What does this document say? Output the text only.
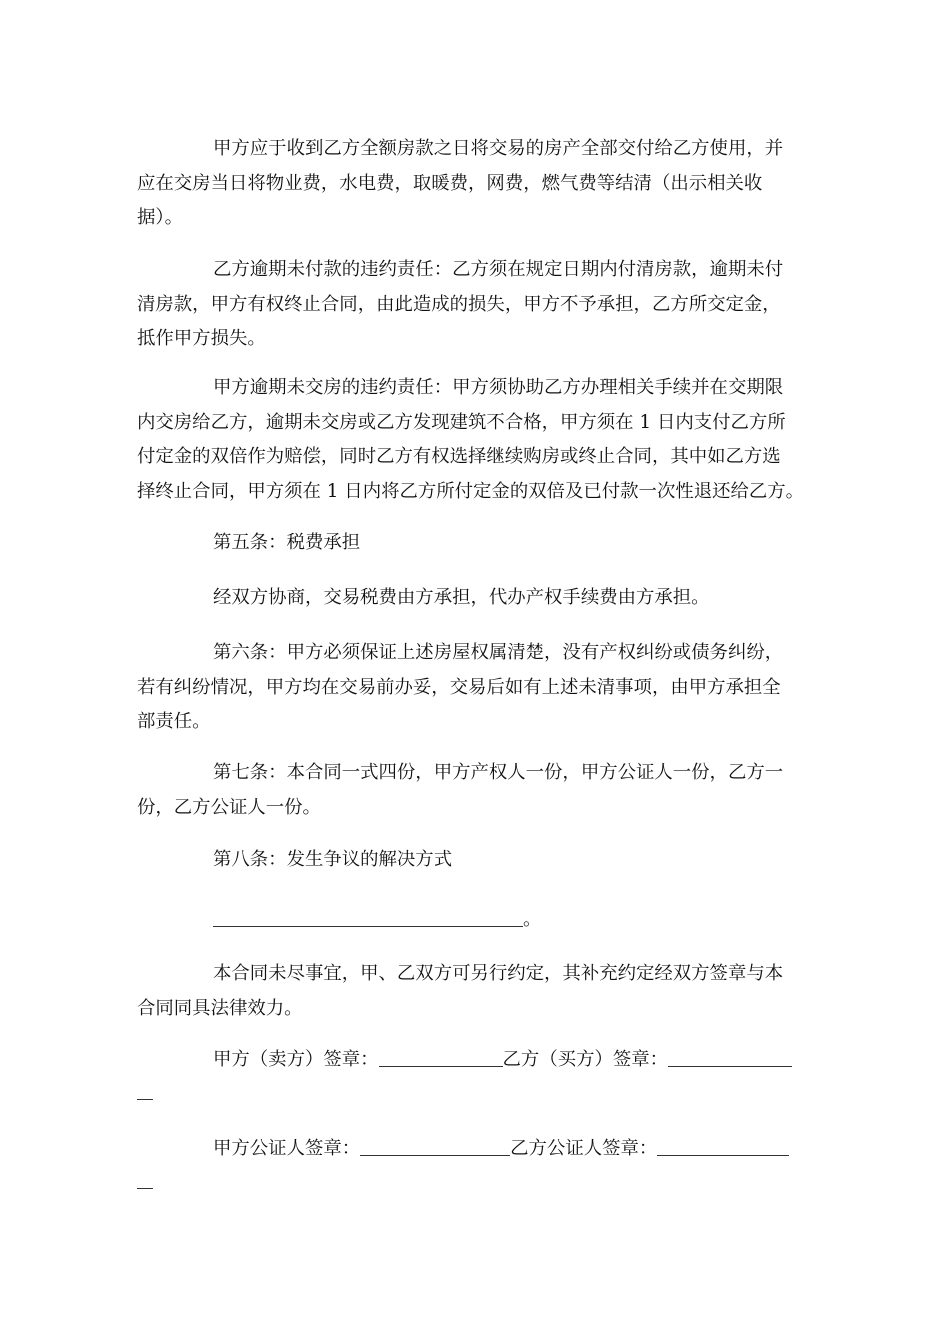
甲方应于收到乙方全额房款之日将交易的房产全部交付给乙方使用，并
应在交房当日将物业费，水电费，取暖费，网费，燃气费等结清（出示相关收
据）。
乙方逾期未付款的违约责任：乙方须在规定日期内付清房款，逾期未付
清房款，甲方有权终止合同，由此造成的损失，甲方不予承担，乙方所交定金，
抵作甲方损失。
甲方逾期未交房的违约责任：甲方须协助乙方办理相关手续并在交期限
内交房给乙方，逾期未交房或乙方发现建筑不合格，甲方须在 1 日内支付乙方所
付定金的双倍作为赔偿，同时乙方有权选择继续购房或终止合同，其中如乙方选
择终止合同，甲方须在 1 日内将乙方所付定金的双倍及已付款一次性退还给乙方。
第五条：税费承担
经双方协商，交易税费由方承担，代办产权手续费由方承担。
第六条：甲方必须保证上述房屋权属清楚，没有产权纠纷或债务纠纷，
若有纠纷情况，甲方均在交易前办妥，交易后如有上述未清事项，由甲方承担全
部责任。
第七条：本合同一式四份，甲方产权人一份，甲方公证人一份，乙方一
份，乙方公证人一份。
第八条：发生争议的解决方式
。
本合同未尽事宜，甲、乙双方可另行约定，其补充约定经双方签章与本
合同同具法律效力。
甲方（卖方）签章：	乙方（买方）签章：
甲方公证人签章：	乙方公证人签章：
